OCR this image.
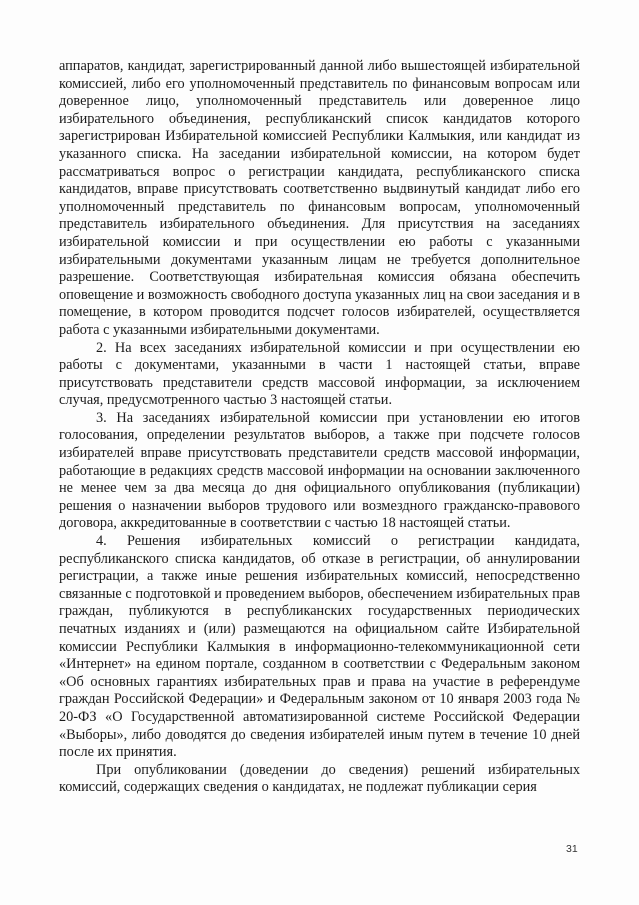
аппаратов, кандидат, зарегистрированный данной либо вышестоящей избирательной комиссией, либо его уполномоченный представитель по финансовым вопросам или доверенное лицо, уполномоченный представитель или доверенное лицо избирательного объединения, республиканский список кандидатов которого зарегистрирован Избирательной комиссией Республики Калмыкия, или кандидат из указанного списка. На заседании избирательной комиссии, на котором будет рассматриваться вопрос о регистрации кандидата, республиканского списка кандидатов, вправе присутствовать соответственно выдвинутый кандидат либо его уполномоченный представитель по финансовым вопросам, уполномоченный представитель избирательного объединения. Для присутствия на заседаниях избирательной комиссии и при осуществлении ею работы с указанными избирательными документами указанным лицам не требуется дополнительное разрешение. Соответствующая избирательная комиссия обязана обеспечить оповещение и возможность свободного доступа указанных лиц на свои заседания и в помещение, в котором проводится подсчет голосов избирателей, осуществляется работа с указанными избирательными документами.

2. На всех заседаниях избирательной комиссии и при осуществлении ею работы с документами, указанными в части 1 настоящей статьи, вправе присутствовать представители средств массовой информации, за исключением случая, предусмотренного частью 3 настоящей статьи.

3. На заседаниях избирательной комиссии при установлении ею итогов голосования, определении результатов выборов, а также при подсчете голосов избирателей вправе присутствовать представители средств массовой информации, работающие в редакциях средств массовой информации на основании заключенного не менее чем за два месяца до дня официального опубликования (публикации) решения о назначении выборов трудового или возмездного гражданско-правового договора, аккредитованные в соответствии с частью 18 настоящей статьи.

4. Решения избирательных комиссий о регистрации кандидата, республиканского списка кандидатов, об отказе в регистрации, об аннулировании регистрации, а также иные решения избирательных комиссий, непосредственно связанные с подготовкой и проведением выборов, обеспечением избирательных прав граждан, публикуются в республиканских государственных периодических печатных изданиях и (или) размещаются на официальном сайте Избирательной комиссии Республики Калмыкия в информационно-телекоммуникационной сети «Интернет» на едином портале, созданном в соответствии с Федеральным законом «Об основных гарантиях избирательных прав и права на участие в референдуме граждан Российской Федерации» и Федеральным законом от 10 января 2003 года № 20-ФЗ «О Государственной автоматизированной системе Российской Федерации «Выборы», либо доводятся до сведения избирателей иным путем в течение 10 дней после их принятия.

При опубликовании (доведении до сведения) решений избирательных комиссий, содержащих сведения о кандидатах, не подлежат публикации серия

31
